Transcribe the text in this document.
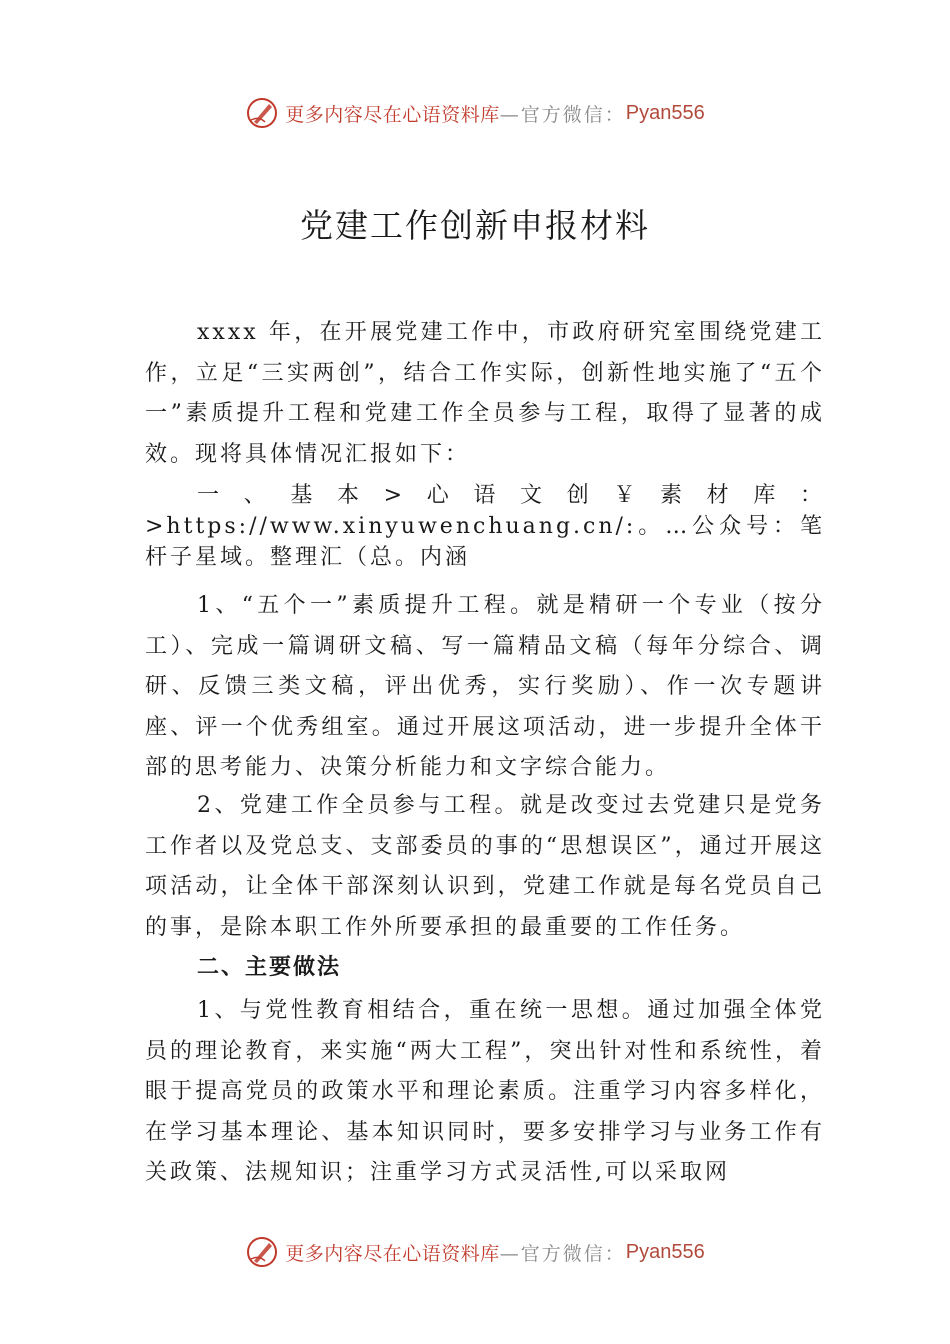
更多内容尽在心语资料库 —官方微信： Pyan556
党建工作创新申报材料

xxxx 年，在开展党建工作中，市政府研究室围绕党建工作，立足“三实两创”，结合工作实际，创新性地实施了“五个一”素质提升工程和党建工作全员参与工程，取得了显著的成效。现将具体情况汇报如下：

一、基本>心语文创￥素材库：>https://www.xinyuwenchuang.cn/:。…公众号：笔杆子星域。整理汇（总。内涵

1、“五个一”素质提升工程。就是精研一个专业（按分工）、完成一篇调研文稿、写一篇精品文稿（每年分综合、调研、反馈三类文稿，评出优秀，实行奖励）、作一次专题讲座、评一个优秀组室。通过开展这项活动，进一步提升全体干部的思考能力、决策分析能力和文字综合能力。

2、党建工作全员参与工程。就是改变过去党建只是党务工作者以及党总支、支部委员的事的“思想误区”，通过开展这项活动，让全体干部深刻认识到，党建工作就是每名党员自己的事，是除本职工作外所要承担的最重要的工作任务。

二、主要做法

1、与党性教育相结合，重在统一思想。通过加强全体党员的理论教育，来实施“两大工程”，突出针对性和系统性，着眼于提高党员的政策水平和理论素质。注重学习内容多样化，在学习基本理论、基本知识同时，要多安排学习与业务工作有关政策、法规知识；注重学习方式灵活性,可以采取网

更多内容尽在心语资料库 —官方微信： Pyan556
